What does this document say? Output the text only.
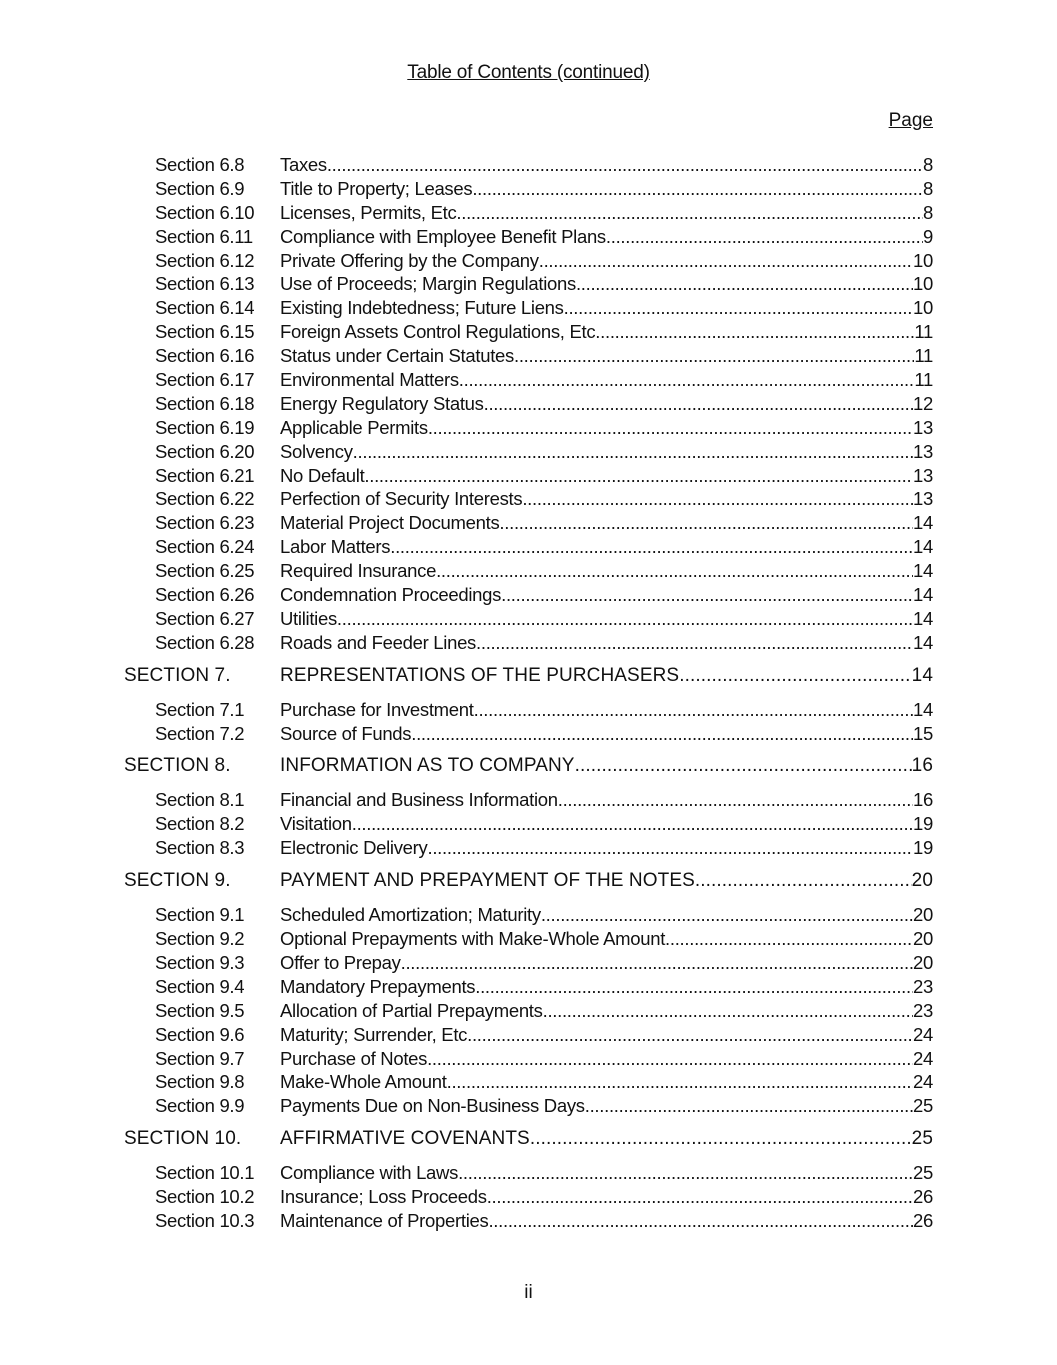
Table of Contents (continued)
Page
Section 6.8 Taxes .....	8
Section 6.9 Title to Property; Leases .....	8
Section 6.10 Licenses, Permits, Etc .....	8
Section 6.11 Compliance with Employee Benefit Plans .....	9
Section 6.12 Private Offering by the Company .....	10
Section 6.13 Use of Proceeds; Margin Regulations .....	10
Section 6.14 Existing Indebtedness; Future Liens .....	10
Section 6.15 Foreign Assets Control Regulations, Etc .....	11
Section 6.16 Status under Certain Statutes .....	11
Section 6.17 Environmental Matters .....	11
Section 6.18 Energy Regulatory Status .....	12
Section 6.19 Applicable Permits .....	13
Section 6.20 Solvency .....	13
Section 6.21 No Default .....	13
Section 6.22 Perfection of Security Interests .....	13
Section 6.23 Material Project Documents .....	14
Section 6.24 Labor Matters .....	14
Section 6.25 Required Insurance .....	14
Section 6.26 Condemnation Proceedings .....	14
Section 6.27 Utilities .....	14
Section 6.28 Roads and Feeder Lines .....	14
SECTION 7.	REPRESENTATIONS OF THE PURCHASERS. .....	14
Section 7.1 Purchase for Investment .....	14
Section 7.2 Source of Funds .....	15
SECTION 8.	INFORMATION AS TO COMPANY .....	16
Section 8.1 Financial and Business Information .....	16
Section 8.2 Visitation .....	19
Section 8.3 Electronic Delivery .....	19
SECTION 9.	PAYMENT AND PREPAYMENT OF THE NOTES. .....	20
Section 9.1 Scheduled Amortization; Maturity .....	20
Section 9.2 Optional Prepayments with Make-Whole Amount .....	20
Section 9.3 Offer to Prepay .....	20
Section 9.4 Mandatory Prepayments .....	23
Section 9.5 Allocation of Partial Prepayments .....	23
Section 9.6 Maturity; Surrender, Etc .....	24
Section 9.7 Purchase of Notes .....	24
Section 9.8 Make-Whole Amount .....	24
Section 9.9 Payments Due on Non-Business Days .....	25
SECTION 10. AFFIRMATIVE COVENANTS. .....	25
Section 10.1 Compliance with Laws .....	25
Section 10.2 Insurance; Loss Proceeds .....	26
Section 10.3 Maintenance of Properties .....	26
ii
